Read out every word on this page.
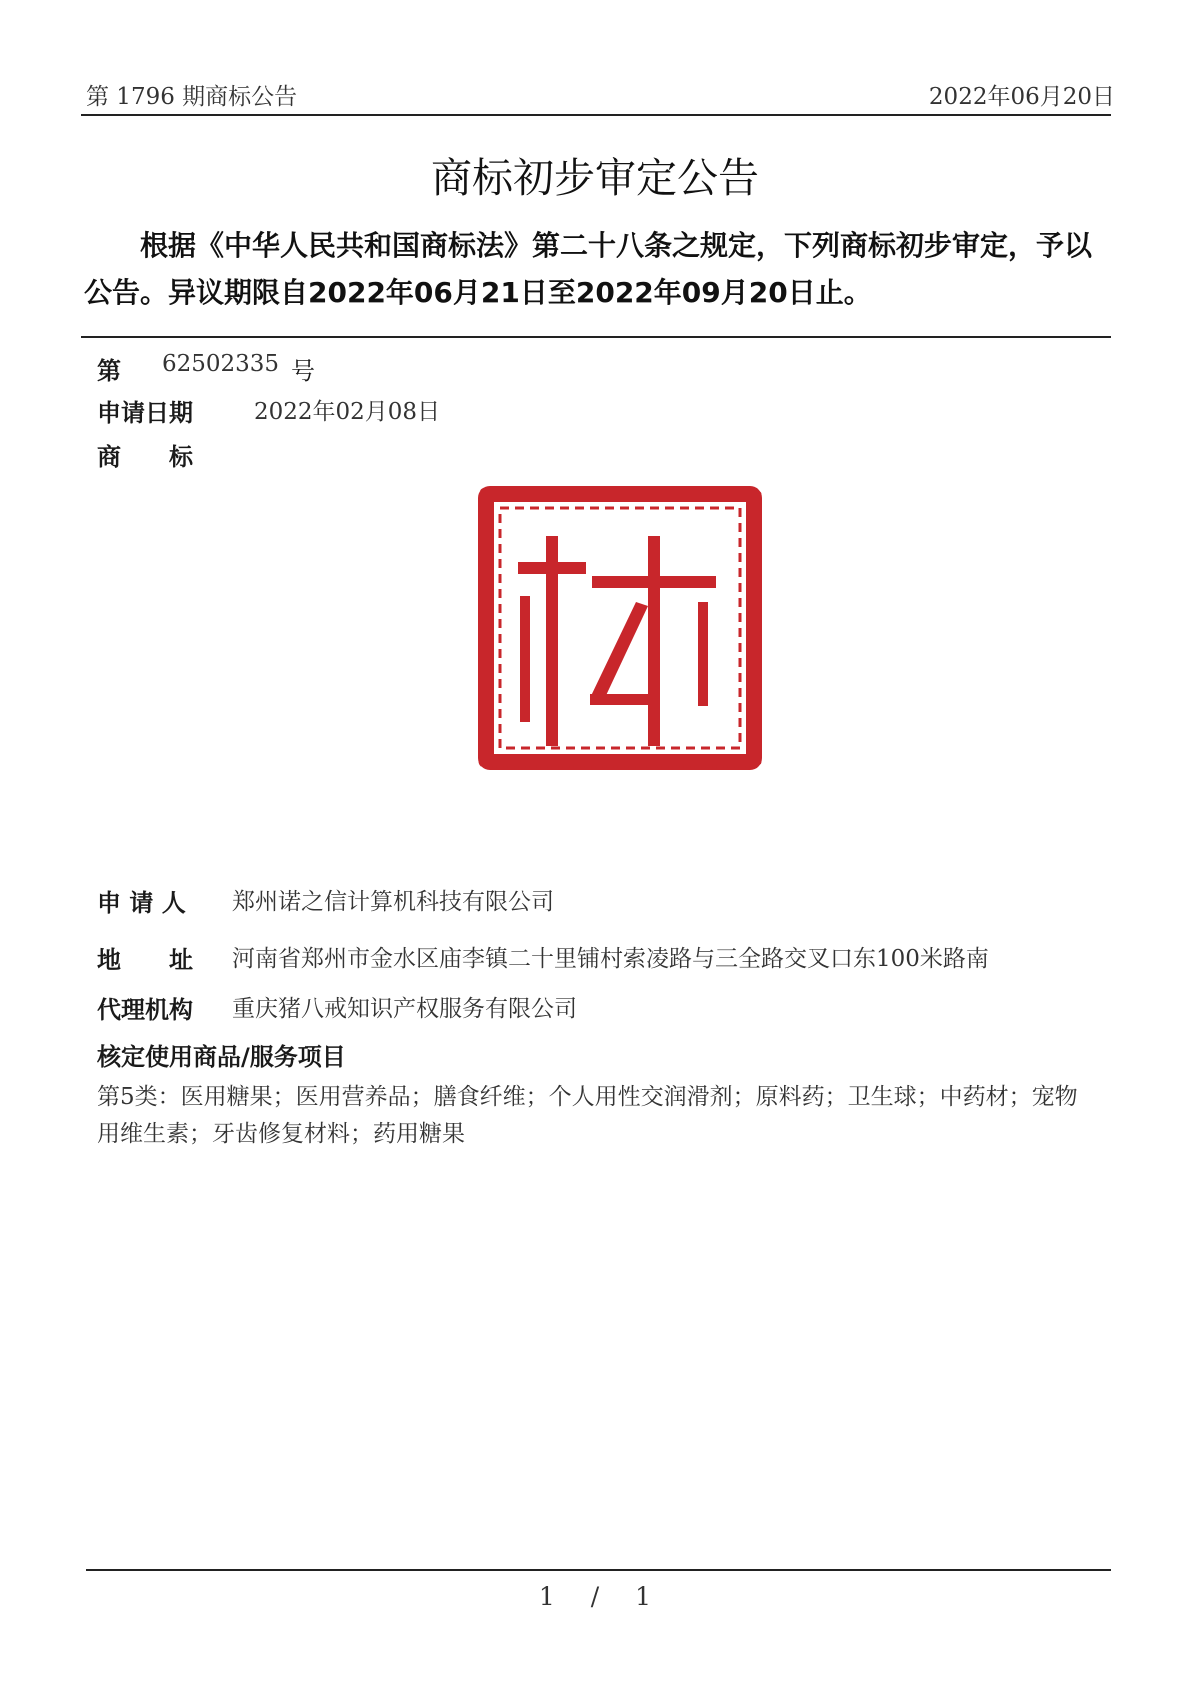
第 1796 期商标公告	2022年06月20日
商标初步审定公告
根据《中华人民共和国商标法》第二十八条之规定，下列商标初步审定，予以公告。异议期限自2022年06月21日至2022年09月20日止。
第 62502335 号
申请日期	2022年02月08日
商　　标
申 请 人 郑州诺之信计算机科技有限公司
地　　址 河南省郑州市金水区庙李镇二十里铺村索凌路与三全路交叉口东100米路南
代理机构 重庆猪八戒知识产权服务有限公司
核定使用商品/服务项目
第5类：医用糖果；医用营养品；膳食纤维；个人用性交润滑剂；原料药；卫生球；中药材；宠物用维生素；牙齿修复材料；药用糖果
1 / 1
